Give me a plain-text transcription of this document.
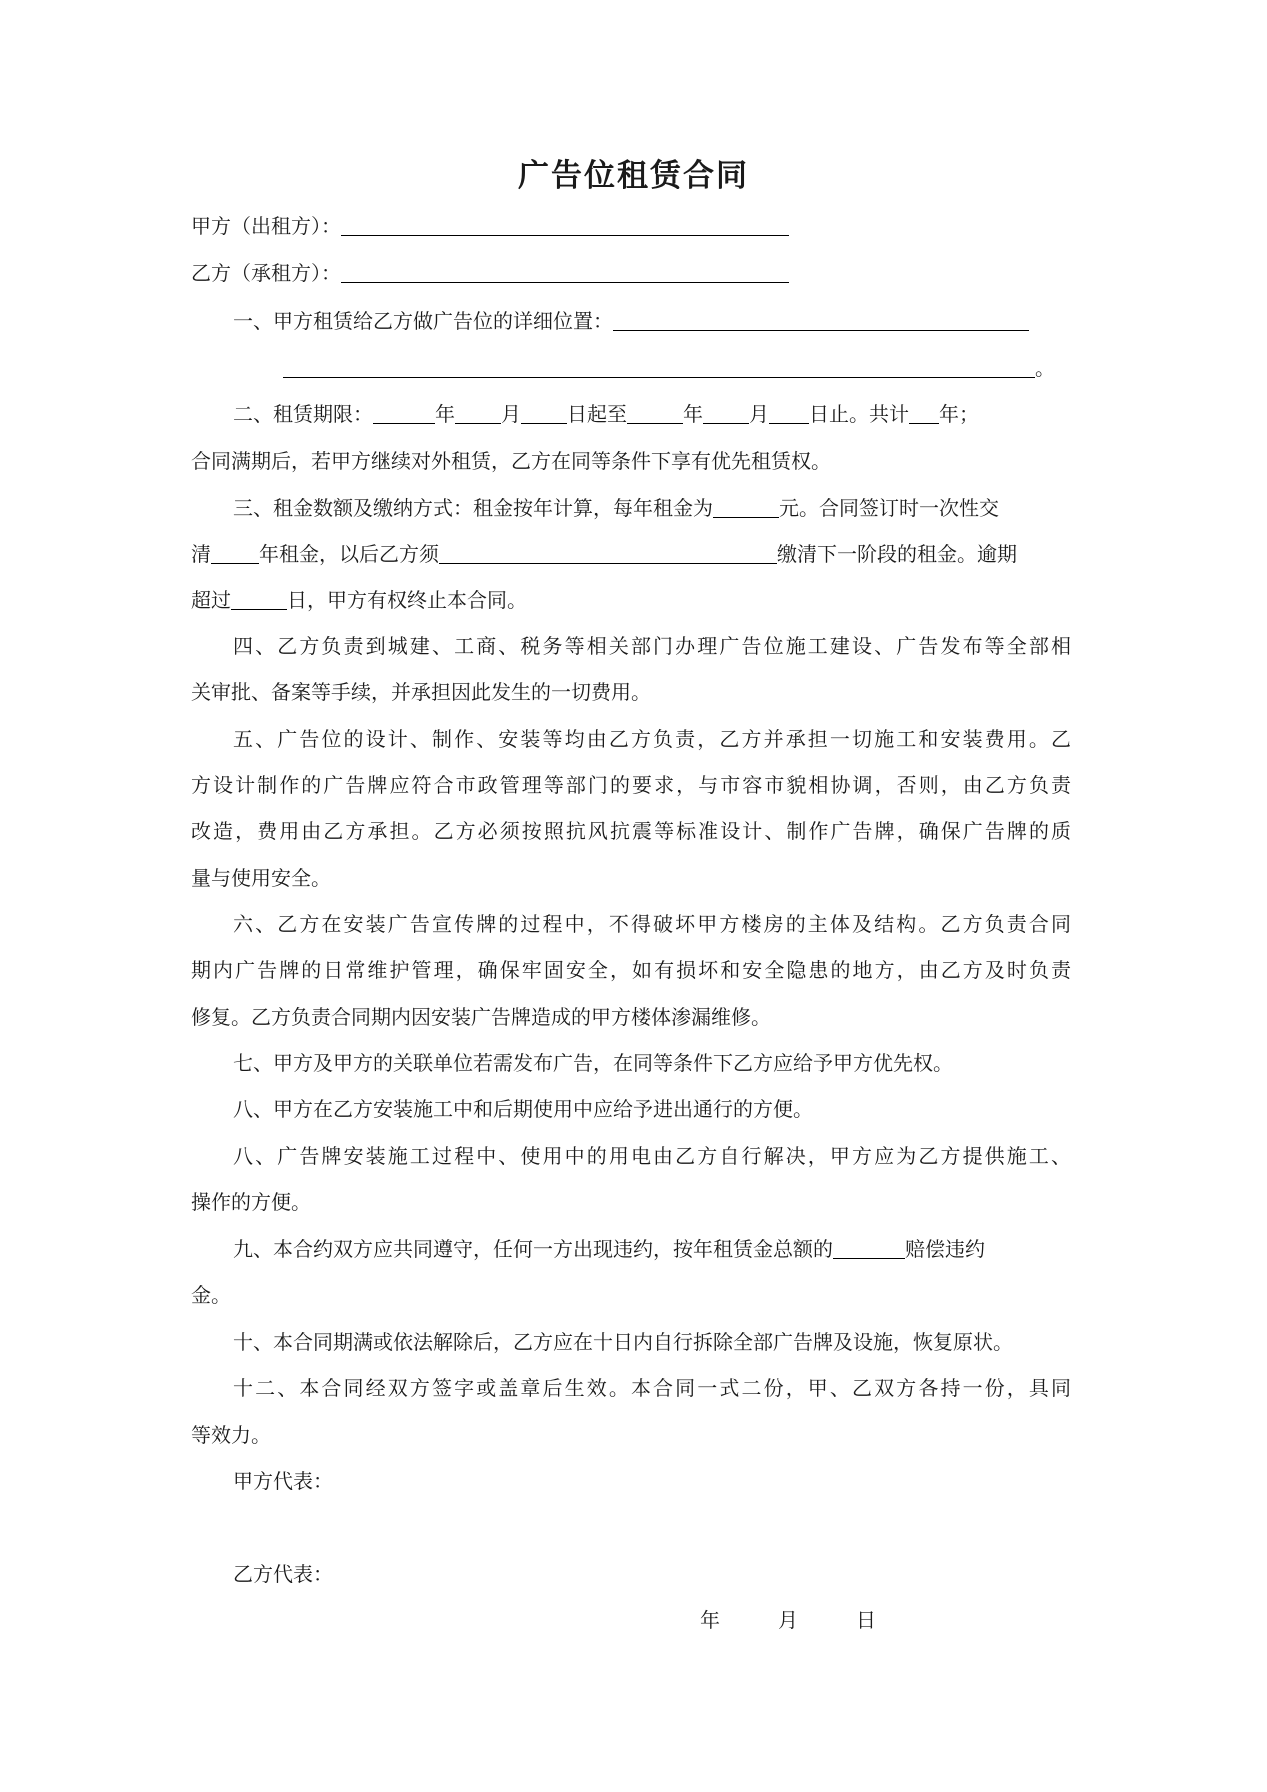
广告位租赁合同
甲方（出租方）：
乙方（承租方）：
一、甲方租赁给乙方做广告位的详细位置：
。
二、租赁期限：	年 月 日起至	年 月 日止。共计 年；
合同满期后，若甲方继续对外租赁，乙方在同等条件下享有优先租赁权。
三、租金数额及缴纳方式：租金按年计算，每年租金为	元。合同签订时一次性交
清 年租金，以后乙方须	缴清下一阶段的租金。逾期
超过	日，甲方有权终止本合同。
四、乙方负责到城建、工商、税务等相关部门办理广告位施工建设、广告发布等全部相
关审批、备案等手续，并承担因此发生的一切费用。
五、广告位的设计、制作、安装等均由乙方负责，乙方并承担一切施工和安装费用。乙
方设计制作的广告牌应符合市政管理等部门的要求，与市容市貌相协调，否则，由乙方负责
改造，费用由乙方承担。乙方必须按照抗风抗震等标准设计、制作广告牌，确保广告牌的质
量与使用安全。
六、乙方在安装广告宣传牌的过程中，不得破坏甲方楼房的主体及结构。乙方负责合同
期内广告牌的日常维护管理，确保牢固安全，如有损坏和安全隐患的地方，由乙方及时负责
修复。乙方负责合同期内因安装广告牌造成的甲方楼体渗漏维修。
七、甲方及甲方的关联单位若需发布广告，在同等条件下乙方应给予甲方优先权。
八、甲方在乙方安装施工中和后期使用中应给予进出通行的方便。
八、广告牌安装施工过程中、使用中的用电由乙方自行解决，甲方应为乙方提供施工、
操作的方便。
九、本合约双方应共同遵守，任何一方出现违约，按年租赁金总额的	赔偿违约
金。
十、本合同期满或依法解除后，乙方应在十日内自行拆除全部广告牌及设施，恢复原状。
十二、本合同经双方签字或盖章后生效。本合同一式二份，甲、乙双方各持一份，具同
等效力。
甲方代表：
乙方代表：
年	月	日
